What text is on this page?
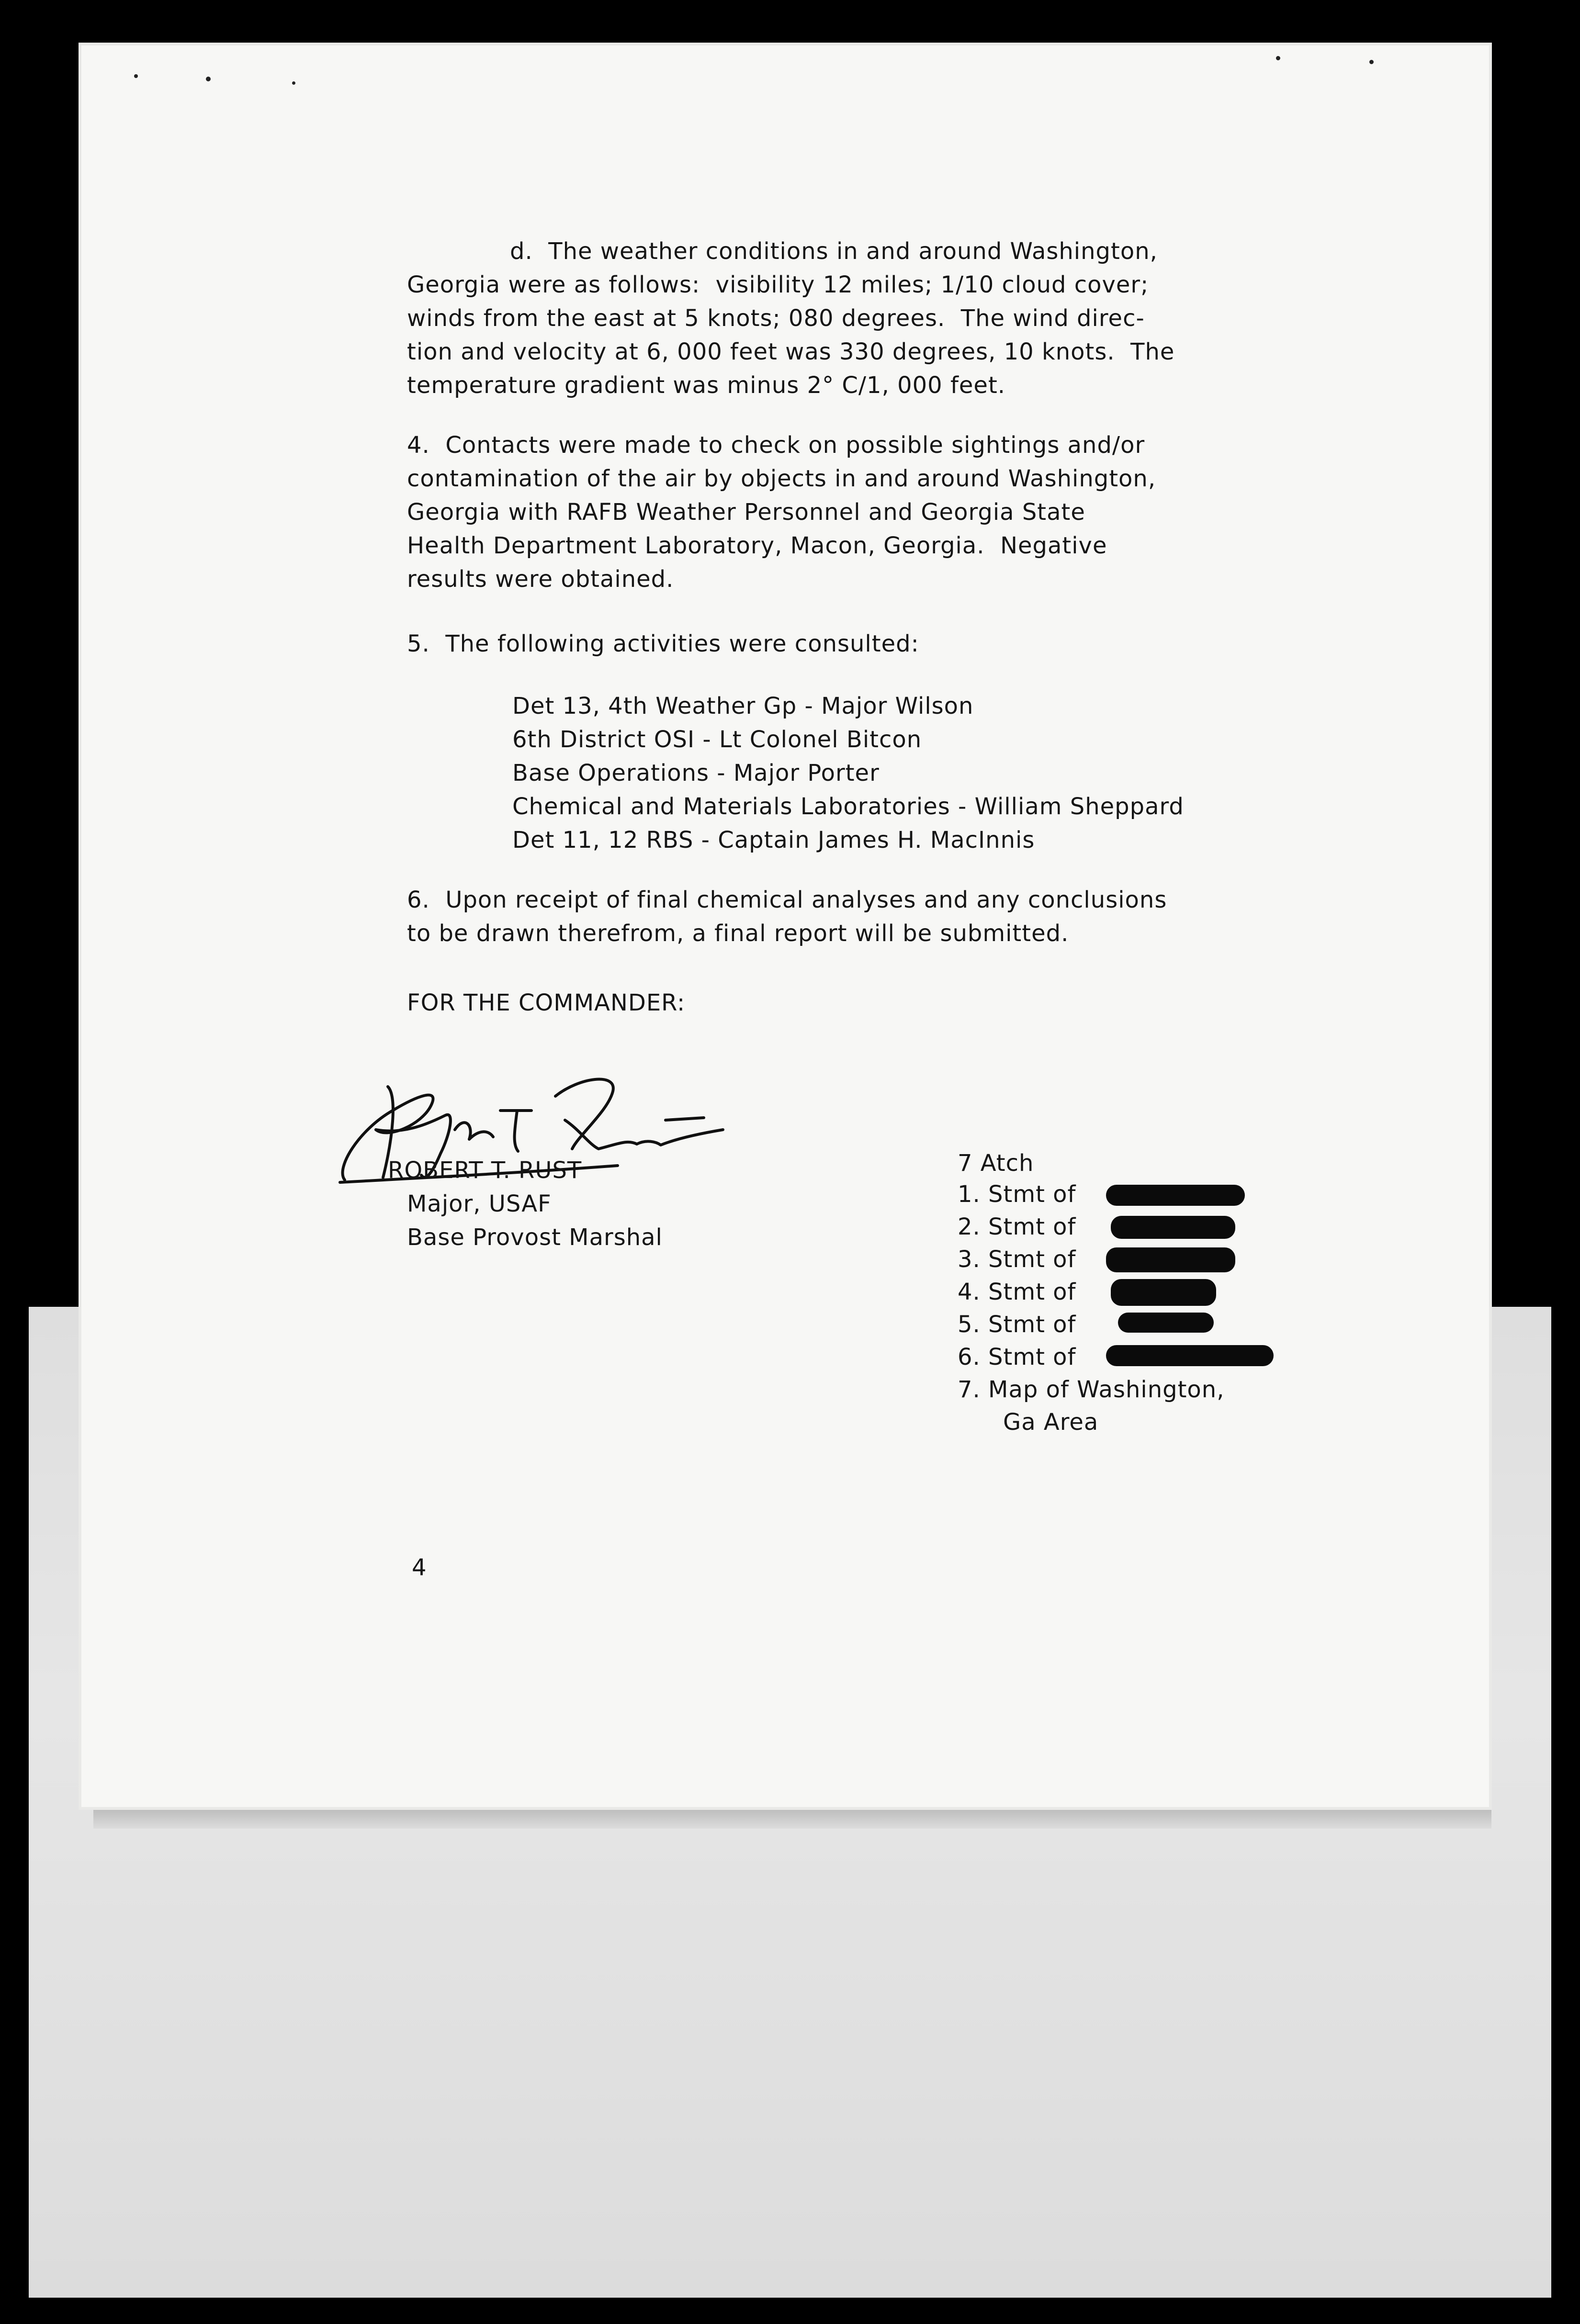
d.  The weather conditions in and around Washington,
Georgia were as follows:  visibility 12 miles; 1/10 cloud cover;
winds from the east at 5 knots; 080 degrees.  The wind direc-
tion and velocity at 6, 000 feet was 330 degrees, 10 knots.  The
temperature gradient was minus 2° C/1, 000 feet.
4.  Contacts were made to check on possible sightings and/or
contamination of the air by objects in and around Washington,
Georgia with RAFB Weather Personnel and Georgia State
Health Department Laboratory, Macon, Georgia.  Negative
results were obtained.
5.  The following activities were consulted:
Det 13, 4th Weather Gp - Major Wilson
6th District OSI - Lt Colonel Bitcon
Base Operations - Major Porter
Chemical and Materials Laboratories - William Sheppard
Det 11, 12 RBS - Captain James H. MacInnis
6.  Upon receipt of final chemical analyses and any conclusions
to be drawn therefrom, a final report will be submitted.
FOR THE COMMANDER:
Robert T. Rust
ROBERT T. RUST
Major, USAF
Base Provost Marshal
7 Atch
1. Stmt of
2. Stmt of
3. Stmt of
4. Stmt of
5. Stmt of
6. Stmt of
7. Map of Washington,
Ga Area
4
